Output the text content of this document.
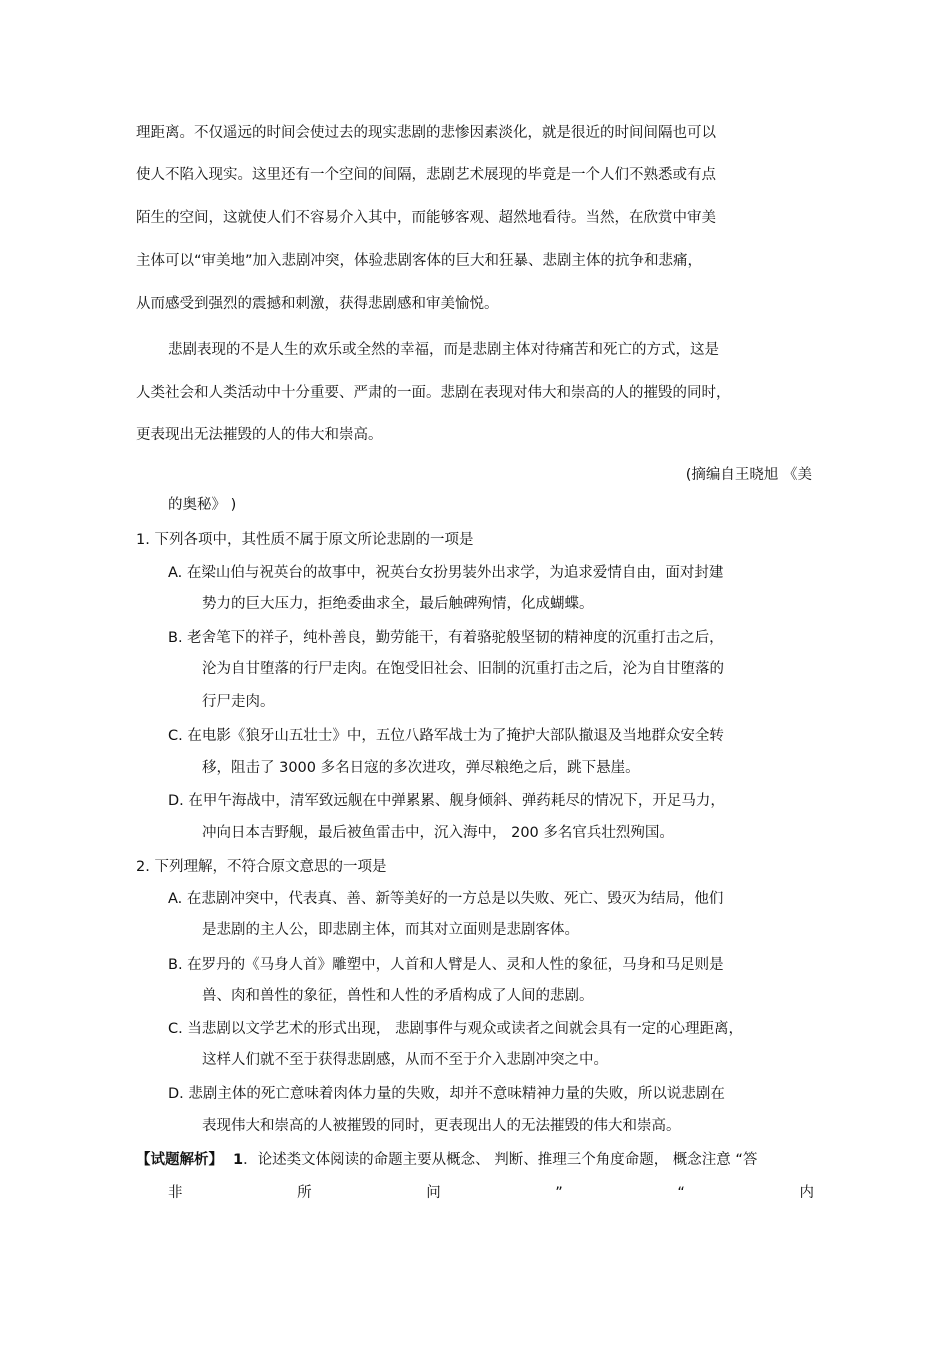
理距离。不仅遥远的时间会使过去的现实悲剧的悲惨因素淡化，就是很近的时间间隔也可以
使人不陷入现实。这里还有一个空间的间隔，悲剧艺术展现的毕竟是一个人们不熟悉或有点
陌生的空间，这就使人们不容易介入其中，而能够客观、超然地看待。当然，在欣赏中审美
主体可以“审美地”加入悲剧冲突，体验悲剧客体的巨大和狂暴、悲剧主体的抗争和悲痛，
从而感受到强烈的震撼和刺激，获得悲剧感和审美愉悦。
悲剧表现的不是人生的欢乐或全然的幸福，而是悲剧主体对待痛苦和死亡的方式，这是
人类社会和人类活动中十分重要、严肃的一面。悲剧在表现对伟大和崇高的人的摧毁的同时，
更表现出无法摧毁的人的伟大和崇高。
(摘编自王晓旭 《美
的奥秘》 )
1. 下列各项中，其性质不属于原文所论悲剧的一项是
A. 在梁山伯与祝英台的故事中，祝英台女扮男装外出求学，为追求爱情自由，面对封建
势力的巨大压力，拒绝委曲求全，最后触碑殉情，化成蝴蝶。
B. 老舍笔下的祥子，纯朴善良，勤劳能干，有着骆驼般坚韧的精神度的沉重打击之后，
沦为自甘堕落的行尸走肉。在饱受旧社会、旧制的沉重打击之后，沦为自甘堕落的
行尸走肉。
C. 在电影《狼牙山五壮士》中，五位八路军战士为了掩护大部队撤退及当地群众安全转
移，阻击了 3000 多名日寇的多次进攻，弹尽粮绝之后，跳下悬崖。
D. 在甲午海战中，清军致远舰在中弹累累、舰身倾斜、弹药耗尽的情况下，开足马力，
冲向日本吉野舰，最后被鱼雷击中，沉入海中， 200 多名官兵壮烈殉国。
2. 下列理解，不符合原文意思的一项是
A. 在悲剧冲突中，代表真、善、新等美好的一方总是以失败、死亡、毁灭为结局，他们
是悲剧的主人公，即悲剧主体，而其对立面则是悲剧客体。
B. 在罗丹的《马身人首》雕塑中，人首和人臂是人、灵和人性的象征，马身和马足则是
兽、肉和兽性的象征，兽性和人性的矛盾构成了人间的悲剧。
C. 当悲剧以文学艺术的形式出现， 悲剧事件与观众或读者之间就会具有一定的心理距离，
这样人们就不至于获得悲剧感，从而不至于介入悲剧冲突之中。
D. 悲剧主体的死亡意味着肉体力量的失败，却并不意味精神力量的失败，所以说悲剧在
表现伟大和崇高的人被摧毁的同时，更表现出人的无法摧毁的伟大和崇高。
【试题解析】 1．论述类文体阅读的命题主要从概念、 判断、推理三个角度命题， 概念注意 “答
非	所	问	”	“	内
